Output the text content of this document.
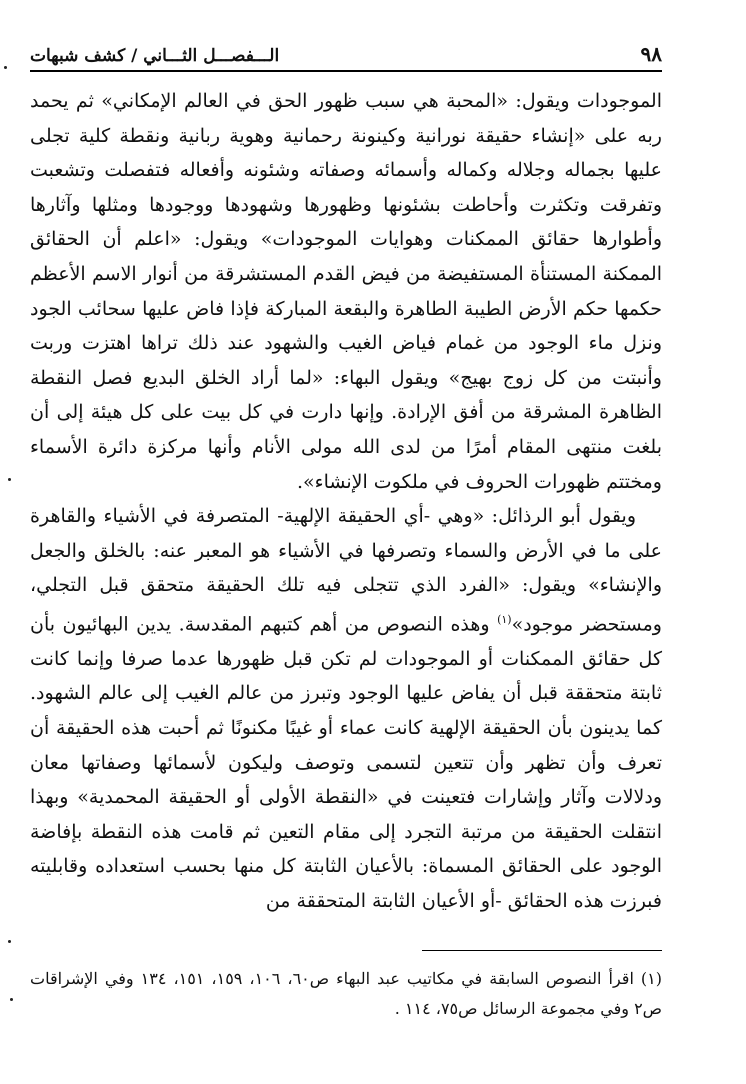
٩٨
الـــفصـــل الثـــاني / كشف شبهات

الموجودات ويقول: «المحبة هي سبب ظهور الحق في العالم الإمكاني» ثم يحمد ربه على «إنشاء حقيقة نورانية وكينونة رحمانية وهوية ربانية ونقطة كلية تجلى عليها بجماله وجلاله وكماله وأسمائه وصفاته وشئونه وأفعاله فتفصلت وتشعبت وتفرقت وتكثرت وأحاطت بشئونها وظهورها وشهودها ووجودها ومثلها وآثارها وأطوارها حقائق الممكنات وهوايات الموجودات» ويقول: «اعلم أن الحقائق الممكنة المستنأة المستفيضة من فيض القدم المستشرقة من أنوار الاسم الأعظم حكمها حكم الأرض الطيبة الطاهرة والبقعة المباركة فإذا فاض عليها سحائب الجود ونزل ماء الوجود من غمام فياض الغيب والشهود عند ذلك تراها اهتزت وربت وأنبتت من كل زوج بهيج» ويقول البهاء: «لما أراد الخلق البديع فصل النقطة الظاهرة المشرقة من أفق الإرادة. وإنها دارت في كل بيت على كل هيئة إلى أن بلغت منتهى المقام أمرًا من لدى الله مولى الأنام وأنها مركزة دائرة الأسماء ومختتم ظهورات الحروف في ملكوت الإنشاء».

ويقول أبو الرذائل: «وهي -أي الحقيقة الإلهية- المتصرفة في الأشياء والقاهرة على ما في الأرض والسماء وتصرفها في الأشياء هو المعبر عنه: بالخلق والجعل والإنشاء» ويقول: «الفرد الذي تتجلى فيه تلك الحقيقة متحقق قبل التجلي، ومستحضر موجود»$^{(١)}$ وهذه النصوص من أهم كتبهم المقدسة. يدين البهائيون بأن كل حقائق الممكنات أو الموجودات لم تكن قبل ظهورها عدما صرفا وإنما كانت ثابتة متحققة قبل أن يفاض عليها الوجود وتبرز من عالم الغيب إلى عالم الشهود. كما يدينون بأن الحقيقة الإلهية كانت عماء أو غيبًا مكنونًا ثم أحبت هذه الحقيقة أن تعرف وأن تظهر وأن تتعين لتسمى وتوصف وليكون لأسمائها وصفاتها معان ودلالات وآثار وإشارات فتعينت في «النقطة الأولى أو الحقيقة المحمدية» وبهذا انتقلت الحقيقة من مرتبة التجرد إلى مقام التعين ثم قامت هذه النقطة بإفاضة الوجود على الحقائق المسماة: بالأعيان الثابتة كل منها بحسب استعداده وقابليته فبرزت هذه الحقائق -أو الأعيان الثابتة المتحققة من

(١) اقرأ النصوص السابقة في مكاتيب عبد البهاء ص٦٠، ١٠٦، ١٥٩، ١٥١، ١٣٤ وفي الإشراقات ص٢ وفي مجموعة الرسائل ص٧٥، ١١٤ .
